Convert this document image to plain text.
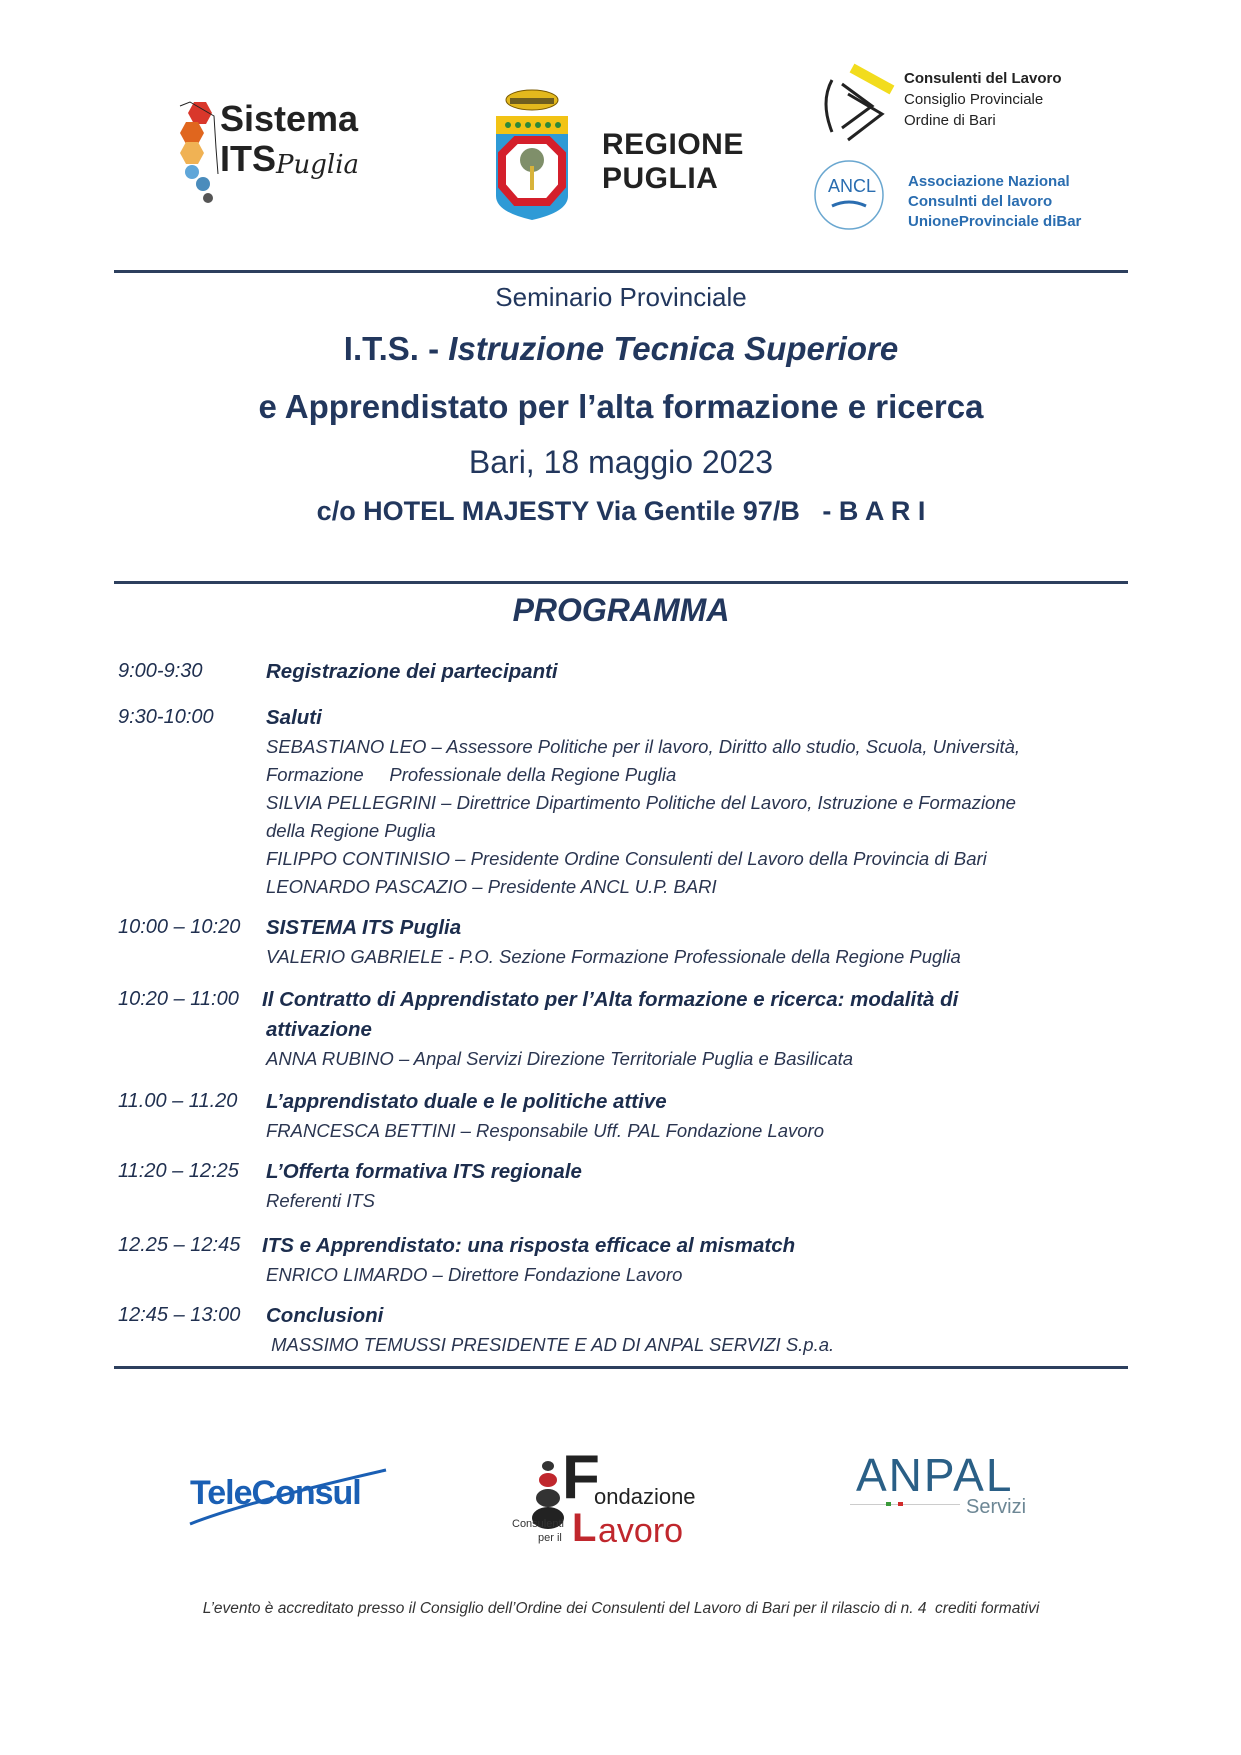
Sistema
ITS Puglia
REGIONE
PUGLIA
Consulenti del Lavoro
Consiglio Provinciale
Ordine di Bari
ANCL Associazione Nazional
Consulnti del lavoro
UnioneProvinciale diBar
Seminario Provinciale
I.T.S. - Istruzione Tecnica Superiore
e Apprendistato per l’alta formazione e ricerca
Bari, 18 maggio 2023
c/o HOTEL MAJESTY Via Gentile 97/B   - B A R I
PROGRAMMA
9:00-9:30	Registrazione dei partecipanti
9:30-10:00	Saluti
SEBASTIANO LEO – Assessore Politiche per il lavoro, Diritto allo studio, Scuola, Università,
Formazione     Professionale della Regione Puglia
SILVIA PELLEGRINI – Direttrice Dipartimento Politiche del Lavoro, Istruzione e Formazione
della Regione Puglia
FILIPPO CONTINISIO – Presidente Ordine Consulenti del Lavoro della Provincia di Bari
LEONARDO PASCAZIO – Presidente ANCL U.P. BARI
10:00 – 10:20 SISTEMA ITS Puglia
VALERIO GABRIELE - P.O. Sezione Formazione Professionale della Regione Puglia
10:20 – 11:00 Il Contratto di Apprendistato per l’Alta formazione e ricerca: modalità di
attivazione
ANNA RUBINO – Anpal Servizi Direzione Territoriale Puglia e Basilicata
11.00 – 11.20 L’apprendistato duale e le politiche attive
FRANCESCA BETTINI – Responsabile Uff. PAL Fondazione Lavoro
11:20 – 12:25 L’Offerta formativa ITS regionale
Referenti ITS
12.25 – 12:45 ITS e Apprendistato: una risposta efficace al mismatch
ENRICO LIMARDO – Direttore Fondazione Lavoro
12:45 – 13:00 Conclusioni
MASSIMO TEMUSSI PRESIDENTE E AD DI ANPAL SERVIZI S.p.a.
TeleConsul	F
ondazione
Consulenti
per il L avoro
ANPAL
Servizi
L’evento è accreditato presso il Consiglio dell’Ordine dei Consulenti del Lavoro di Bari per il rilascio di n. 4  crediti formativi
